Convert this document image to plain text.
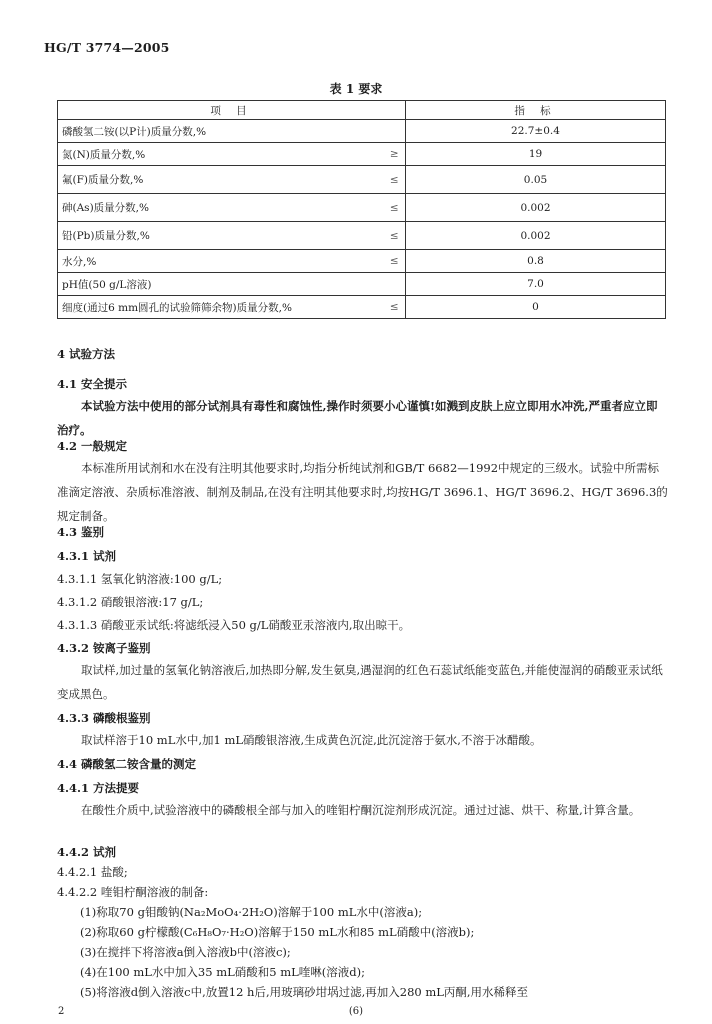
HG/T 3774—2005
表 1 要求
项 目		指 标
磷酸氢二铵(以P计)质量分数,%		22.7±0.4
氮(N)质量分数,%	≥	19
氟(F)质量分数,%	≤	0.05
砷(As)质量分数,%	≤	0.002
铅(Pb)质量分数,%	≤	0.002
水分,%	≤	0.8
pH值(50 g/L溶液)		7.0
细度(通过6 mm圆孔的试验筛筛余物)质量分数,%	≤	0
4 试验方法
4.1 安全提示
本试验方法中使用的部分试剂具有毒性和腐蚀性,操作时须要小心谨慎!如溅到皮肤上应立即用水冲洗,严重者应立即治疗。
4.2 一般规定
本标准所用试剂和水在没有注明其他要求时,均指分析纯试剂和GB/T 6682—1992中规定的三级水。试验中所需标准滴定溶液、杂质标准溶液、制剂及制品,在没有注明其他要求时,均按HG/T 3696.1、HG/T 3696.2、HG/T 3696.3的规定制备。
4.3 鉴别
4.3.1 试剂
4.3.1.1 氢氧化钠溶液:100 g/L;
4.3.1.2 硝酸银溶液:17 g/L;
4.3.1.3 硝酸亚汞试纸:将滤纸浸入50 g/L硝酸亚汞溶液内,取出晾干。
4.3.2 铵离子鉴别
取试样,加过量的氢氧化钠溶液后,加热即分解,发生氨臭,遇湿润的红色石蕊试纸能变蓝色,并能使湿润的硝酸亚汞试纸变成黑色。
4.3.3 磷酸根鉴别
取试样溶于10 mL水中,加1 mL硝酸银溶液,生成黄色沉淀,此沉淀溶于氨水,不溶于冰醋酸。
4.4 磷酸氢二铵含量的测定
4.4.1 方法提要
在酸性介质中,试验溶液中的磷酸根全部与加入的喹钼柠酮沉淀剂形成沉淀。通过过滤、烘干、称量,计算含量。
4.4.2 试剂
4.4.2.1 盐酸;
4.4.2.2 喹钼柠酮溶液的制备:
(1)称取70 g钼酸钠(Na₂MoO₄·2H₂O)溶解于100 mL水中(溶液a);
(2)称取60 g柠檬酸(C₆H₈O₇·H₂O)溶解于150 mL水和85 mL硝酸中(溶液b);
(3)在搅拌下将溶液a倒入溶液b中(溶液c);
2	(6)
(4)在100 mL水中加入35 mL硝酸和5 mL喹啉(溶液d);
(5)将溶液d倒入溶液c中,放置12 h后,用玻璃砂坩埚过滤,再加入280 mL丙酮,用水稀释至
